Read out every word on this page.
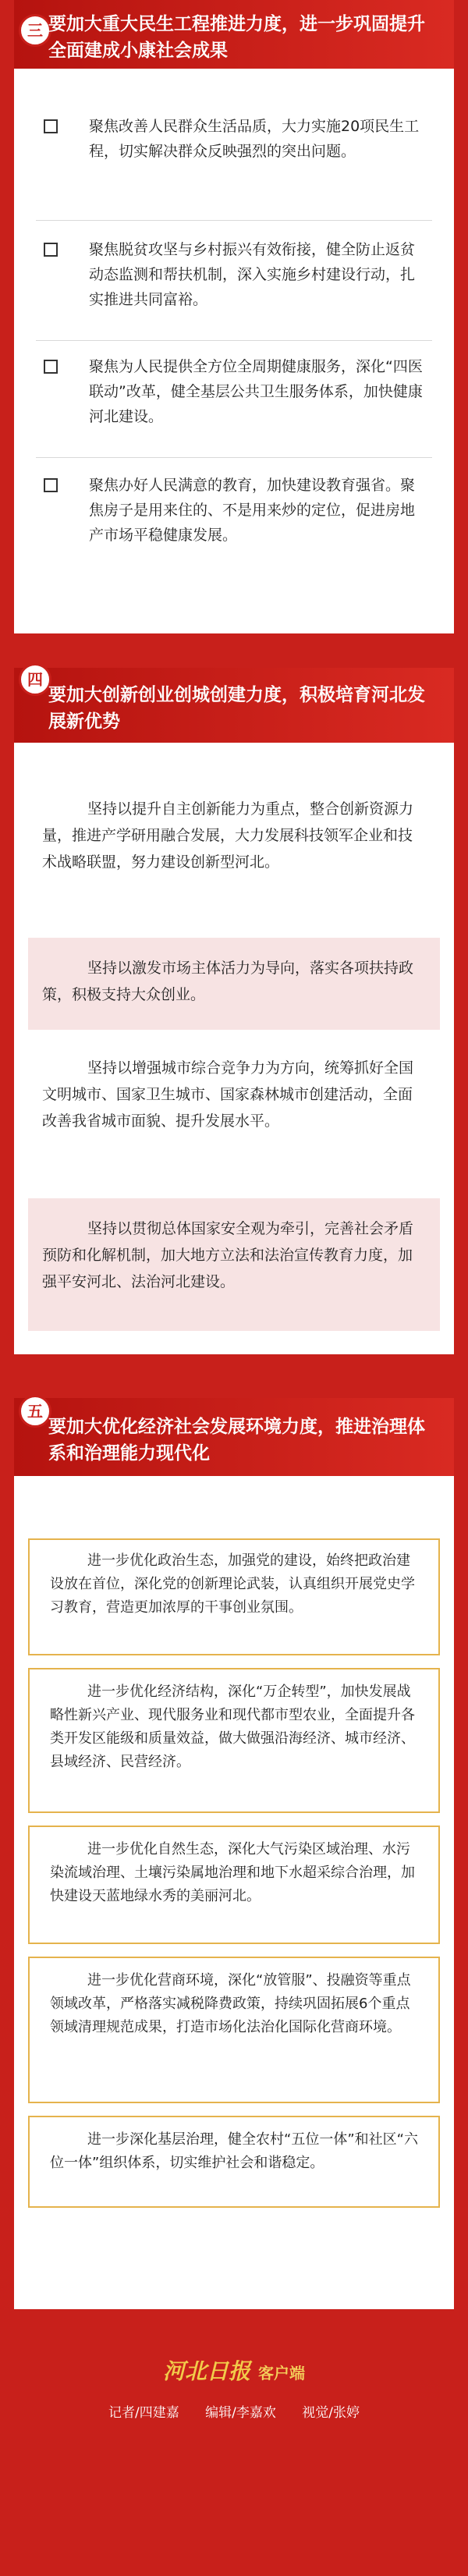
三 要加大重大民生工程推进力度，进一步巩固提升全面建成小康社会成果
聚焦改善人民群众生活品质，大力实施20项民生工程，切实解决群众反映强烈的突出问题。
聚焦脱贫攻坚与乡村振兴有效衔接，健全防止返贫动态监测和帮扶机制，深入实施乡村建设行动，扎实推进共同富裕。
聚焦为人民提供全方位全周期健康服务，深化“四医联动”改革，健全基层公共卫生服务体系，加快健康河北建设。
聚焦办好人民满意的教育，加快建设教育强省。聚焦房子是用来住的、不是用来炒的定位，促进房地产市场平稳健康发展。
四
要加大创新创业创城创建力度，积极培育河北发展新优势
坚持以提升自主创新能力为重点，整合创新资源力量，推进产学研用融合发展，大力发展科技领军企业和技术战略联盟，努力建设创新型河北。
坚持以激发市场主体活力为导向，落实各项扶持政策，积极支持大众创业。
坚持以增强城市综合竞争力为方向，统筹抓好全国文明城市、国家卫生城市、国家森林城市创建活动，全面改善我省城市面貌、提升发展水平。
坚持以贯彻总体国家安全观为牵引，完善社会矛盾预防和化解机制，加大地方立法和法治宣传教育力度，加强平安河北、法治河北建设。
五
要加大优化经济社会发展环境力度，推进治理体系和治理能力现代化
进一步优化政治生态，加强党的建设，始终把政治建设放在首位，深化党的创新理论武装，认真组织开展党史学习教育，营造更加浓厚的干事创业氛围。
进一步优化经济结构，深化“万企转型”，加快发展战略性新兴产业、现代服务业和现代都市型农业，全面提升各类开发区能级和质量效益，做大做强沿海经济、城市经济、县域经济、民营经济。
进一步优化自然生态，深化大气污染区域治理、水污染流域治理、土壤污染属地治理和地下水超采综合治理，加快建设天蓝地绿水秀的美丽河北。
进一步优化营商环境，深化“放管服”、投融资等重点领域改革，严格落实减税降费政策，持续巩固拓展6个重点领域清理规范成果，打造市场化法治化国际化营商环境。
进一步深化基层治理，健全农村“五位一体”和社区“六位一体”组织体系，切实维护社会和谐稳定。
河北日报 客户端
记者/四建嘉 编辑/李嘉欢 视觉/张婷
